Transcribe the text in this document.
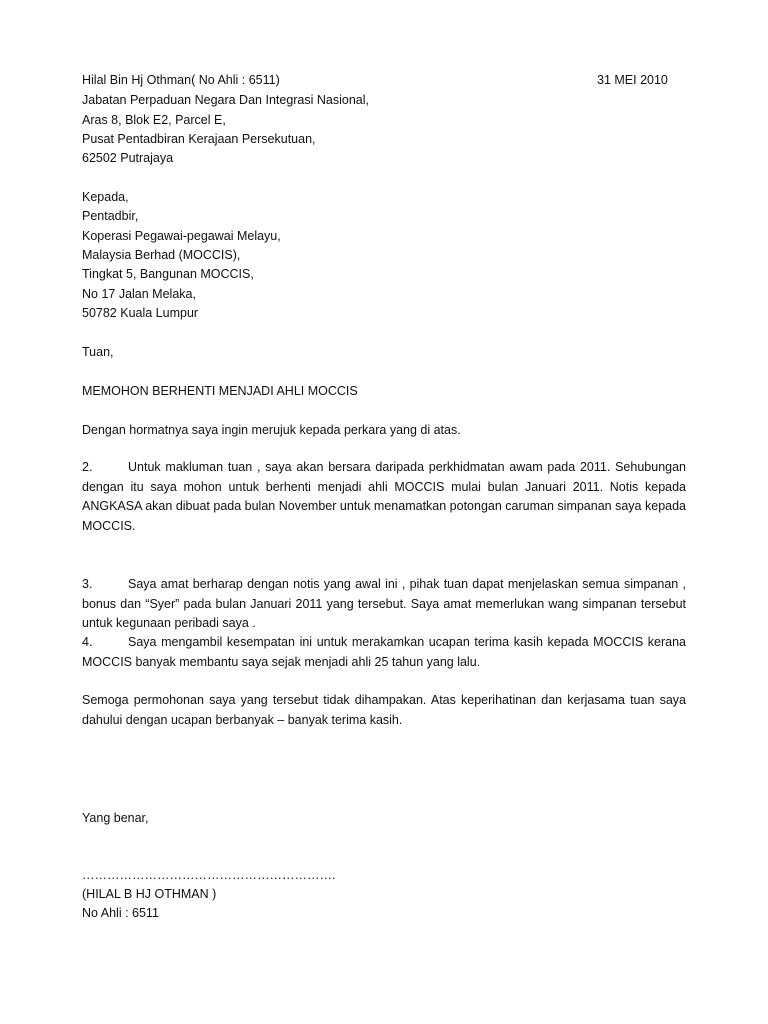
Hilal Bin Hj Othman( No Ahli : 6511)	31 MEI 2010
Jabatan Perpaduan Negara Dan Integrasi Nasional,
Aras 8, Blok E2, Parcel E,
Pusat Pentadbiran Kerajaan Persekutuan,
62502 Putrajaya
Kepada,
Pentadbir,
Koperasi Pegawai-pegawai Melayu,
Malaysia Berhad (MOCCIS),
Tingkat 5, Bangunan MOCCIS,
No 17 Jalan Melaka,
50782 Kuala Lumpur
Tuan,
MEMOHON BERHENTI MENJADI AHLI MOCCIS
Dengan hormatnya saya ingin merujuk kepada perkara yang di atas.
2.	Untuk makluman tuan , saya akan bersara daripada perkhidmatan awam pada 2011. Sehubungan dengan itu saya mohon untuk berhenti menjadi ahli MOCCIS mulai bulan Januari 2011. Notis kepada ANGKASA akan dibuat pada bulan November untuk menamatkan potongan caruman simpanan saya kepada MOCCIS.
3.	Saya amat berharap dengan notis yang awal ini , pihak tuan dapat menjelaskan semua simpanan , bonus dan “Syer” pada bulan Januari 2011 yang tersebut. Saya amat memerlukan wang simpanan tersebut untuk kegunaan peribadi saya .
4.	Saya mengambil kesempatan ini untuk merakamkan ucapan terima kasih kepada MOCCIS kerana MOCCIS banyak membantu saya sejak menjadi ahli 25 tahun yang lalu.
Semoga permohonan saya yang tersebut tidak dihampakan. Atas keperihatinan dan kerjasama tuan saya dahului dengan ucapan berbanyak – banyak terima kasih.
Yang benar,
…………………………………………………….
(HILAL B HJ OTHMAN )
No Ahli : 6511
